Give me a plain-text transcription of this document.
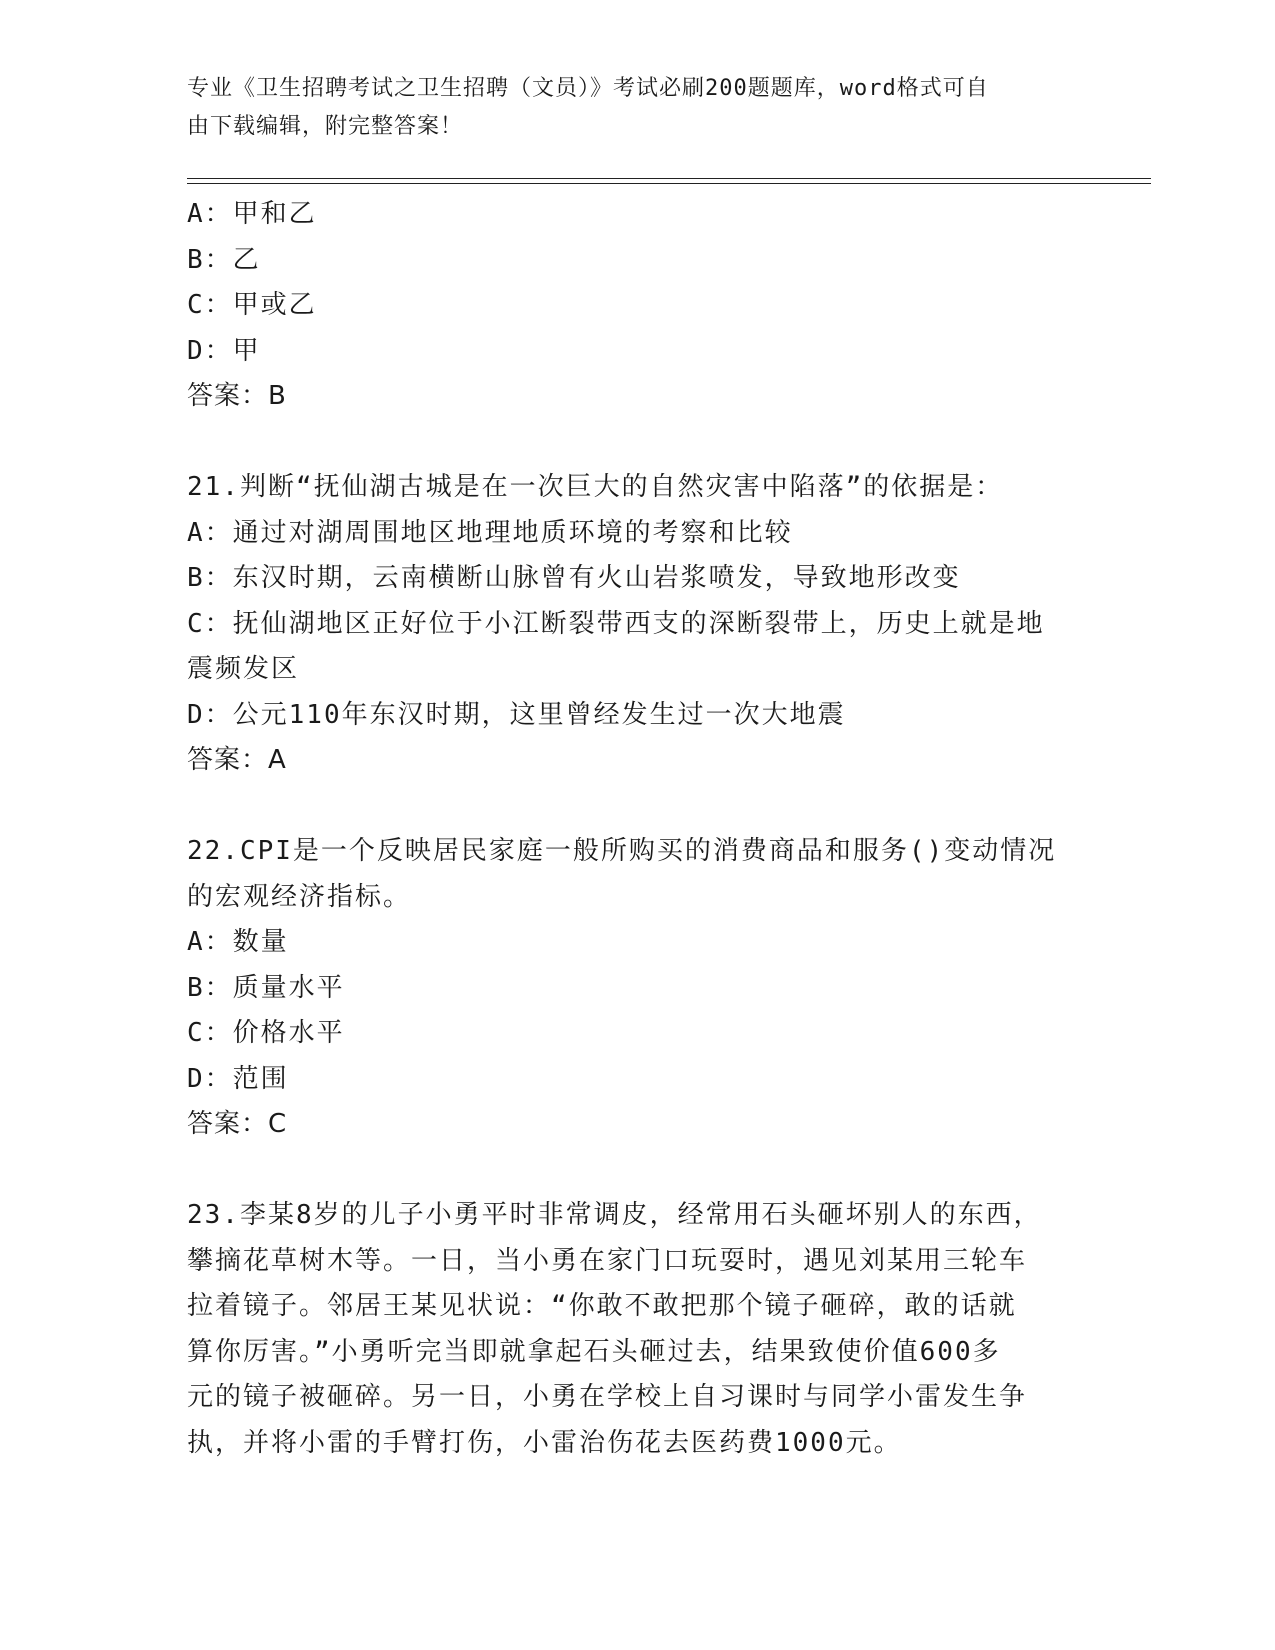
专业《卫生招聘考试之卫生招聘（文员）》考试必刷200题题库，word格式可自
由下载编辑，附完整答案！

A：甲和乙

B：乙

C：甲或乙

D：甲

答案：B

21.判断“抚仙湖古城是在一次巨大的自然灾害中陷落”的依据是：

A：通过对湖周围地区地理地质环境的考察和比较

B：东汉时期，云南横断山脉曾有火山岩浆喷发，导致地形改变

C：抚仙湖地区正好位于小江断裂带西支的深断裂带上，历史上就是地

震频发区

D：公元110年东汉时期，这里曾经发生过一次大地震

答案：A

22.CPI是一个反映居民家庭一般所购买的消费商品和服务()变动情况

的宏观经济指标。

A：数量

B：质量水平

C：价格水平

D：范围

答案：C

23.李某8岁的儿子小勇平时非常调皮，经常用石头砸坏别人的东西，

攀摘花草树木等。一日，当小勇在家门口玩耍时，遇见刘某用三轮车

拉着镜子。邻居王某见状说：“你敢不敢把那个镜子砸碎，敢的话就

算你厉害。”小勇听完当即就拿起石头砸过去，结果致使价值600多

元的镜子被砸碎。另一日，小勇在学校上自习课时与同学小雷发生争

执，并将小雷的手臂打伤，小雷治伤花去医药费1000元。
